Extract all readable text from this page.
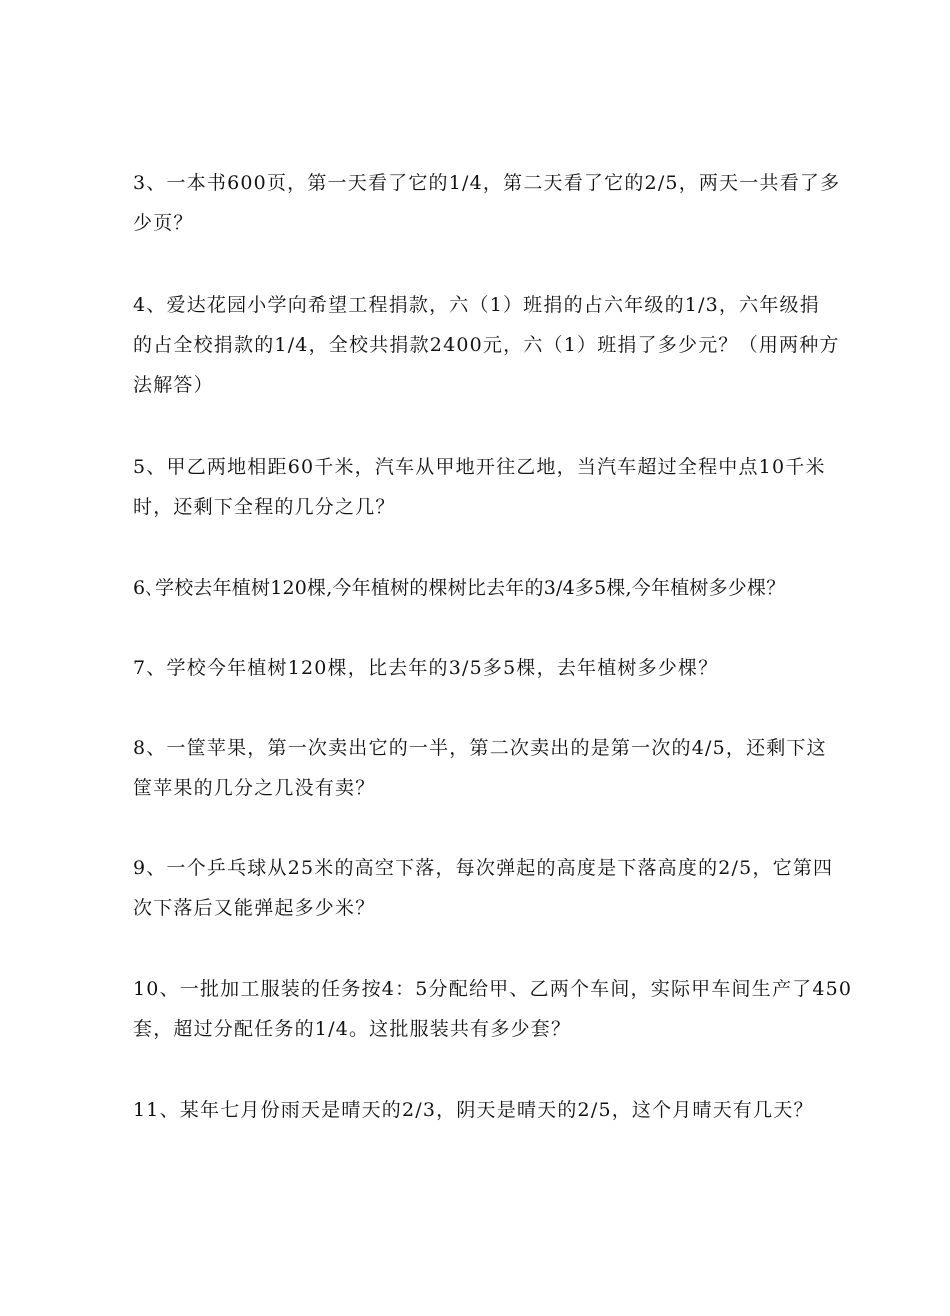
3、一本书600页，第一天看了它的1/4，第二天看了它的2/5，两天一共看了多
少页？

4、爱达花园小学向希望工程捐款，六（1）班捐的占六年级的1/3，六年级捐
的占全校捐款的1/4，全校共捐款2400元，六（1）班捐了多少元？（用两种方
法解答）

5、甲乙两地相距60千米，汽车从甲地开往乙地，当汽车超过全程中点10千米
时，还剩下全程的几分之几？

6､学校去年植树120棵,今年植树的棵树比去年的3/4多5棵,今年植树多少棵？

7、学校今年植树120棵，比去年的3/5多5棵，去年植树多少棵？

8、一筐苹果，第一次卖出它的一半，第二次卖出的是第一次的4/5，还剩下这
筐苹果的几分之几没有卖？

9、一个乒乓球从25米的高空下落，每次弹起的高度是下落高度的2/5，它第四
次下落后又能弹起多少米？

10、一批加工服装的任务按4：5分配给甲、乙两个车间，实际甲车间生产了450
套，超过分配任务的1/4。这批服装共有多少套？

11、某年七月份雨天是晴天的2/3，阴天是晴天的2/5，这个月晴天有几天？
